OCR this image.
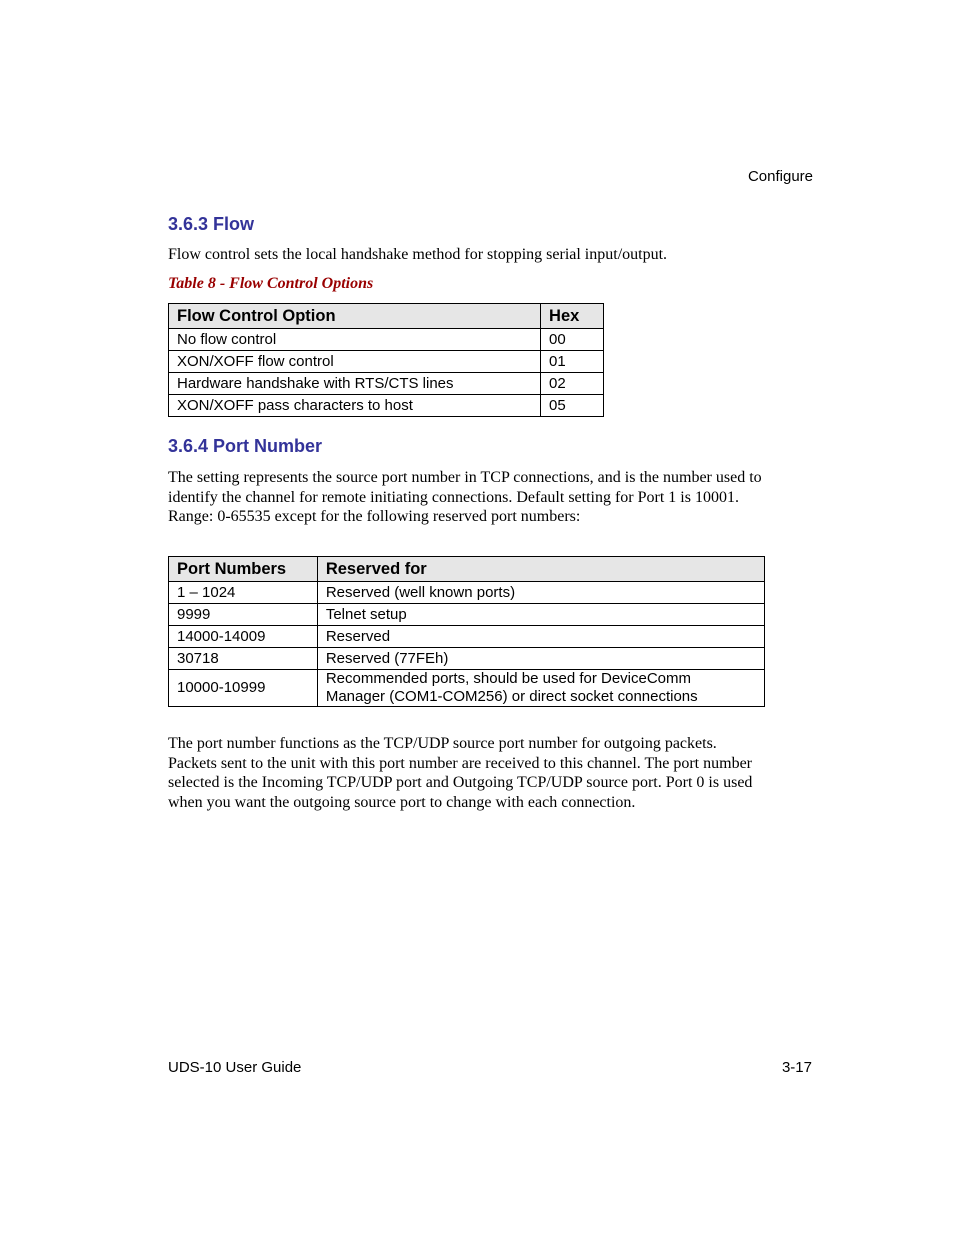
Configure
3.6.3 Flow

Flow control sets the local handshake method for stopping serial input/output.

Table 8 - Flow Control Options

Flow Control Option	Hex
No flow control	00
XON/XOFF flow control	01
Hardware handshake with RTS/CTS lines	02
XON/XOFF pass characters to host	05
3.6.4 Port Number

The setting represents the source port number in TCP connections, and is the number used to
identify the channel for remote initiating connections. Default setting for Port 1 is 10001.
Range: 0-65535 except for the following reserved port numbers:

Port Numbers	Reserved for
1 – 1024	Reserved (well known ports)
9999	Telnet setup
14000-14009	Reserved
30718	Reserved (77FEh)
10000-10999	Recommended ports, should be used for DeviceComm
Manager (COM1-COM256) or direct socket connections

The port number functions as the TCP/UDP source port number for outgoing packets.
Packets sent to the unit with this port number are received to this channel. The port number
selected is the Incoming TCP/UDP port and Outgoing TCP/UDP source port. Port 0 is used
when you want the outgoing source port to change with each connection.

UDS-10 User Guide	3-17
